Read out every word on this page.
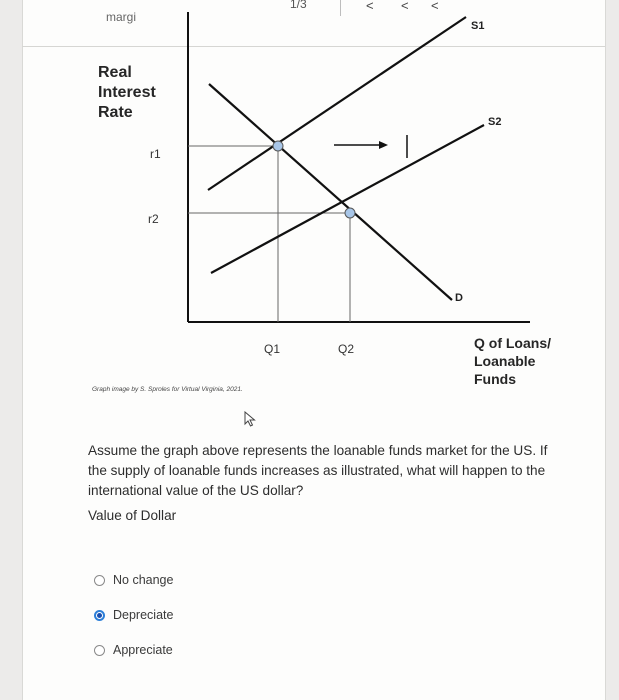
margi
1/3	< < <
Real
Interest
Rate
r1
r2
Q1	Q2	Q of Loans/
Loanable
Funds
S1
S2
D
Graph image by S. Sproles for Virtual Virginia, 2021.
Assume the graph above represents the loanable funds market for the US. If the supply of loanable funds increases as illustrated, what will happen to the international value of the US dollar?
Value of Dollar
No change
Depreciate
Appreciate
